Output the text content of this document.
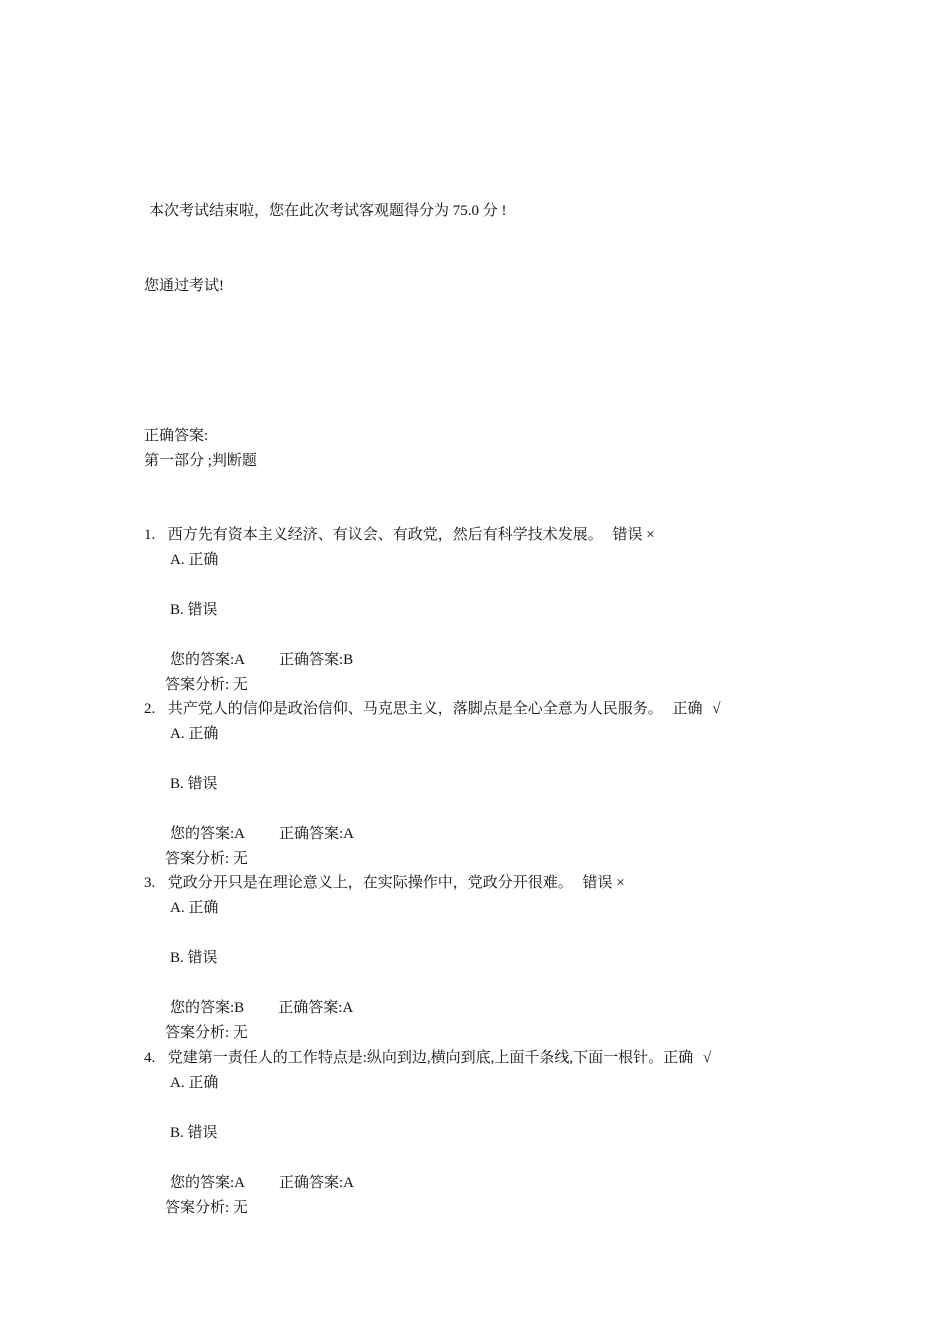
本次考试结束啦，您在此次考试客观题得分为 75.0 分 !
您通过考试!
正确答案:
第一部分 ;判断题
1. 西方先有资本主义经济、有议会、有政党，然后有科学技术发展。 错误 ×
A. 正确
B. 错误
您的答案:A 正确答案:B
答案分析: 无
2. 共产党人的信仰是政治信仰、马克思主义，落脚点是全心全意为人民服务。 正确 √
A. 正确
B. 错误
您的答案:A 正确答案:A
答案分析: 无
3. 党政分开只是在理论意义上，在实际操作中，党政分开很难。 错误 ×
A. 正确
B. 错误
您的答案:B 正确答案:A
答案分析: 无
4. 党建第一责任人的工作特点是:纵向到边,横向到底,上面千条线,下面一根针。正确 √
A. 正确
B. 错误
您的答案:A 正确答案:A
答案分析: 无
